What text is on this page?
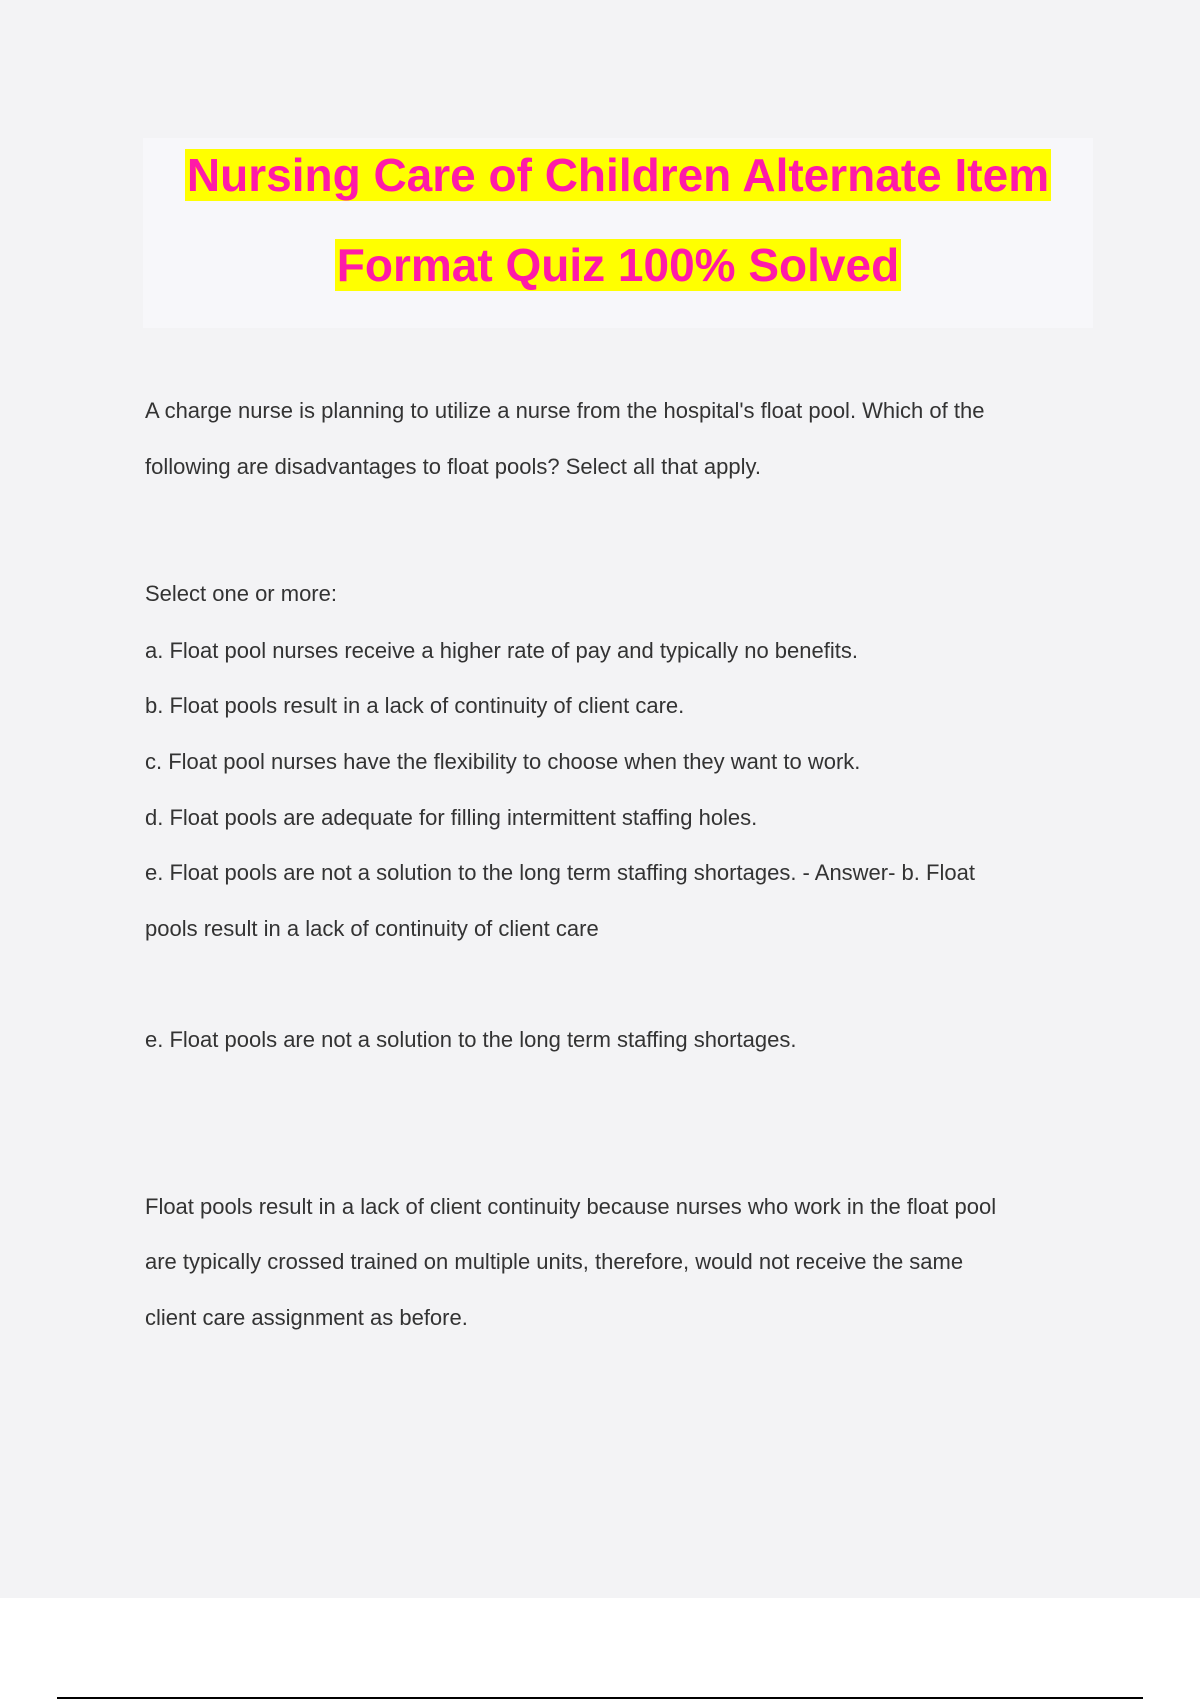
Nursing Care of Children Alternate Item
Format Quiz 100% Solved
A charge nurse is planning to utilize a nurse from the hospital's float pool. Which of the
following are disadvantages to float pools? Select all that apply.
Select one or more:
a. Float pool nurses receive a higher rate of pay and typically no benefits.
b. Float pools result in a lack of continuity of client care.
c. Float pool nurses have the flexibility to choose when they want to work.
d. Float pools are adequate for filling intermittent staffing holes.
e. Float pools are not a solution to the long term staffing shortages. - Answer- b. Float
pools result in a lack of continuity of client care
e. Float pools are not a solution to the long term staffing shortages.
Float pools result in a lack of client continuity because nurses who work in the float pool
are typically crossed trained on multiple units, therefore, would not receive the same
client care assignment as before.
